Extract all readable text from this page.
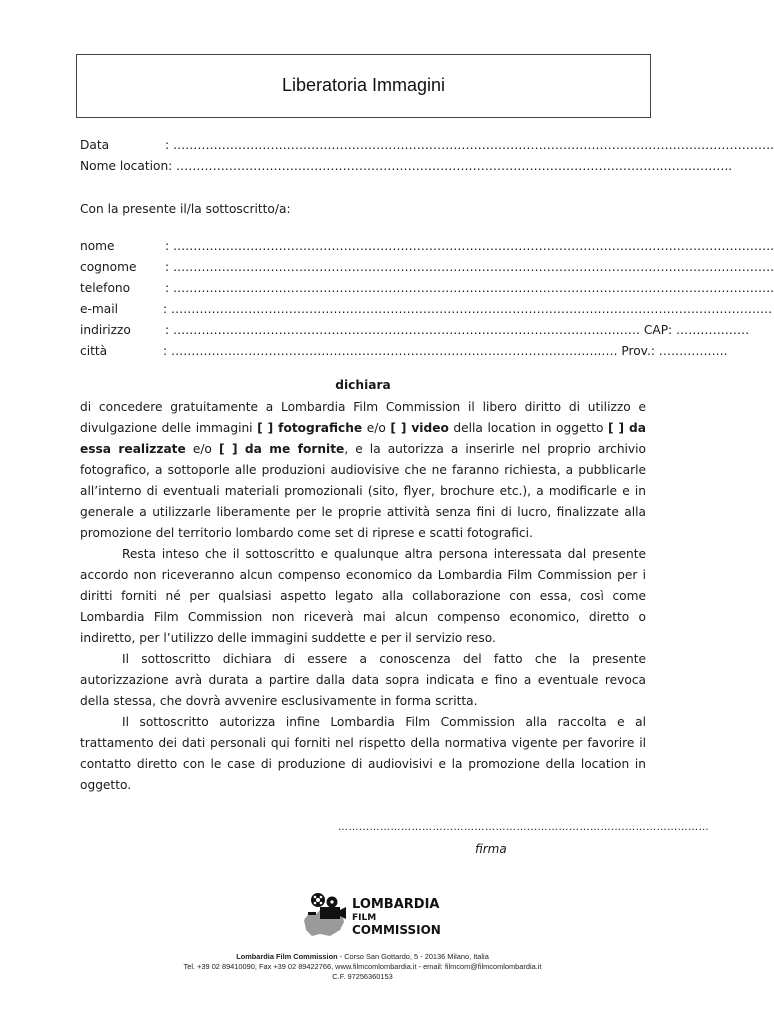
Liberatoria Immagini
Data	: ………………………………………………………………………………………………………………………………….
Nome location: ………………………………………………………………………………………………………………………..
Con la presente il/la sottoscritto/a:
nome	: ………………………………………………………………………………………………………………………………….
cognome : ………………………………………………………………………………………………………………………………….
telefono	: ………………………………………………………………………………………………………………………………….
e-mail	: ………………………………………………………………………………………………………………………………….
indirizzo	: ……………………………………………………………………………………………….…… CAP: ………………
città	: …………………………………………………………………………………………….…. Prov.: ……………..
dichiara

di concedere gratuitamente a Lombardia Film Commission il libero diritto di utilizzo e divulgazione delle immagini [ ] fotografiche e/o [ ] video della location in oggetto [ ] da essa realizzate e/o [ ] da me fornite, e la autorizza a inserirle nel proprio archivio fotografico, a sottoporle alle produzioni audiovisive che ne faranno richiesta, a pubblicarle all’interno di eventuali materiali promozionali (sito, flyer, brochure etc.), a modificarle e in generale a utilizzarle liberamente per le proprie attività senza fini di lucro, finalizzate alla promozione del territorio lombardo come set di riprese e scatti fotografici.

Resta inteso che il sottoscritto e qualunque altra persona interessata dal presente accordo non riceveranno alcun compenso economico da Lombardia Film Commission per i diritti forniti né per qualsiasi aspetto legato alla collaborazione con essa, così come Lombardia Film Commission non riceverà mai alcun compenso economico, diretto o indiretto, per l’utilizzo delle immagini suddette e per il servizio reso.

Il sottoscritto dichiara di essere a conoscenza del fatto che la presente autorizzazione avrà durata a partire dalla data sopra indicata e fino a eventuale revoca della stessa, che dovrà avvenire esclusivamente in forma scritta.

Il sottoscritto autorizza infine Lombardia Film Commission alla raccolta e al trattamento dei dati personali qui forniti nel rispetto della normativa vigente per favorire il contatto diretto con le case di produzione di audiovisivi e la promozione della location in oggetto.

……………………………………………………………………….……………………
firma
LOMBARDIA
FILM
COMMISSION
Lombardia Film Commission - Corso San Gottardo, 5 - 20136 Milano, Italia
Tel. +39 02 89410090, Fax +39 02 89422766, www.filmcomlombardia.it - email: filmcom@filmcomlombardia.it
C.F. 97256360153
